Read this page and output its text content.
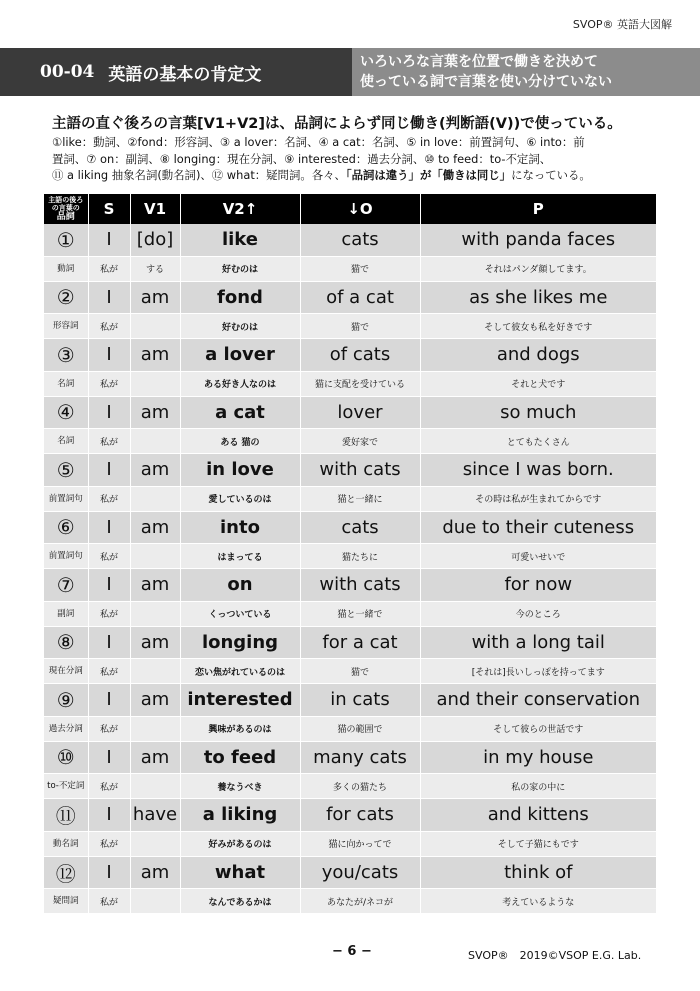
SVOP® 英語大図解
00-04 英語の基本の肯定文
いろいろな言葉を位置で働きを決めて
使っている詞で言葉を使い分けていない
主語の直ぐ後ろの言葉[V1+V2]は、品詞によらず同じ働き(判断語(V))で使っている。
①like：動詞、②fond：形容詞、③ a lover：名詞、④ a cat：名詞、⑤ in love：前置詞句、⑥ into：前
置詞、⑦ on：副詞、⑧ longing：現在分詞、⑨ interested：過去分詞、⑩ to feed：to-不定詞、
⑪ a liking 抽象名詞(動名詞)、⑫ what：疑問詞。各々、「品詞は違う」が「働きは同じ」になっている。
主語の後ろ
の言葉の
品詞	S	V1	V2↑	↓O	P
①	I	[do]	like	cats	with panda faces
動詞	私が	する	好むのは	猫で	それはパンダ顔してます。
②	I	am	fond	of a cat	as she likes me
形容詞	私が		好むのは	猫で	そして彼女も私を好きです
③	I	am	a lover	of cats	and dogs
名詞	私が		ある好き人なのは	猫に支配を受けている	それと犬です
④	I	am	a cat	lover	so much
名詞	私が		ある 猫の	愛好家で	とてもたくさん
⑤	I	am	in love	with cats	since I was born.
前置詞句	私が		愛しているのは	猫と一緒に	その時は私が生まれてからです
⑥	I	am	into	cats	due to their cuteness
前置詞句	私が		はまってる	猫たちに	可愛いせいで
⑦	I	am	on	with cats	for now
副詞	私が		くっついている	猫と一緒で	今のところ
⑧	I	am	longing	for a cat	with a long tail
現在分詞	私が		恋い焦がれているのは	猫で	[それは]長いしっぽを持ってます
⑨	I	am	interested	in cats	and their conservation
過去分詞	私が		興味があるのは	猫の範囲で	そして彼らの世話です
⑩	I	am	to feed	many cats	in my house
to-不定詞	私が		養なうべき	多くの猫たち	私の家の中に
⑪	I	have	a liking	for cats	and kittens
動名詞	私が		好みがあるのは	猫に向かってで	そして子猫にもです
⑫	I	am	what	you/cats	think of
疑問詞	私が		なんであるかは	あなたが/ネコが	考えているような
− 6 −	SVOP®　2019©VSOP E.G. Lab.
